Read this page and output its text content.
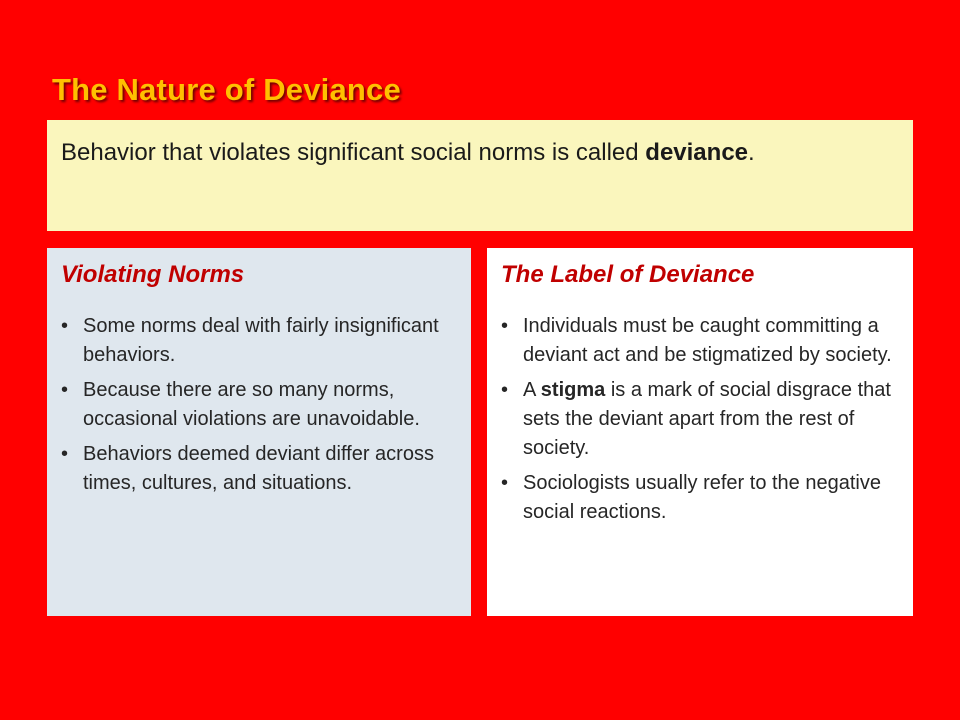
The Nature of Deviance
Behavior that violates significant social norms is called deviance.
Violating Norms
• Some norms deal with fairly insignificant behaviors.
• Because there are so many norms, occasional violations are unavoidable.
• Behaviors deemed deviant differ across times, cultures, and situations.
The Label of Deviance
• Individuals must be caught committing a deviant act and be stigmatized by society.
• A stigma is a mark of social disgrace that sets the deviant apart from the rest of society.
• Sociologists usually refer to the negative social reactions.
